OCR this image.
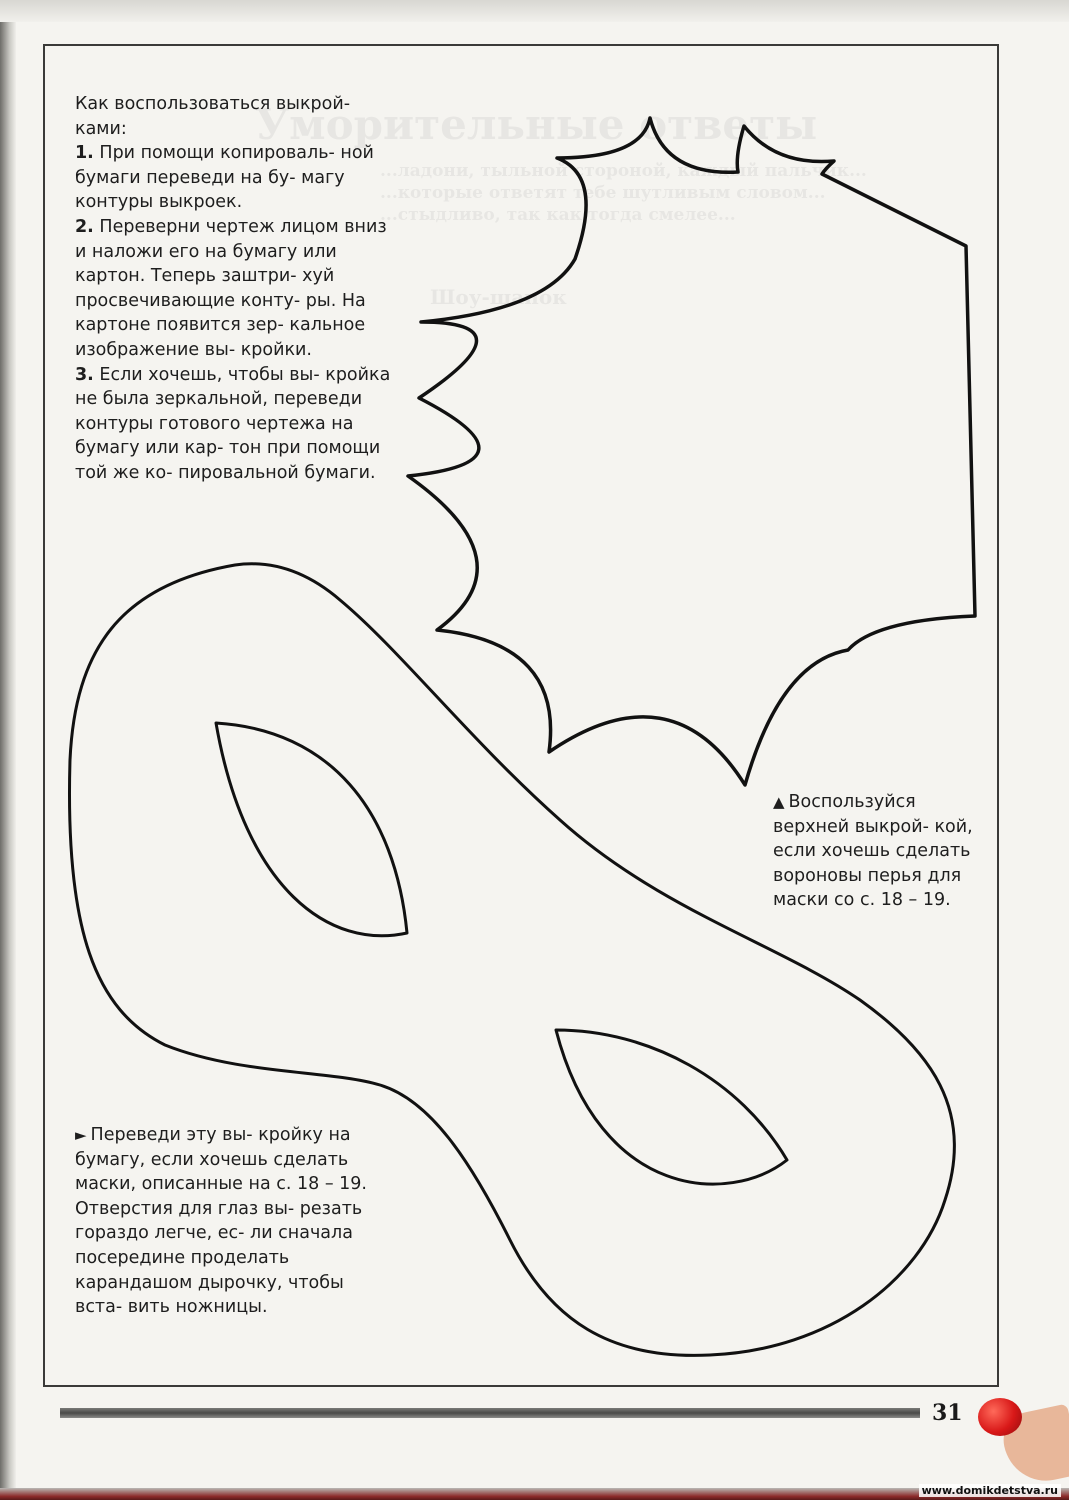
Уморительные ответы
...ладони, тыльной стороной, каждый пальчик...
...которые ответят тебе шутливым словом...
...стыдливо, так как тогда смелее...
Шоу-шапок

Как воспользоваться выкрой- ками:

1. При помощи копироваль- ной бумаги переведи на бу- магу контуры выкроек.

2. Переверни чертеж лицом вниз и наложи его на бумагу или картон. Теперь заштри- хуй просвечивающие конту- ры. На картоне появится зер- кальное изображение вы- кройки.

3. Если хочешь, чтобы вы- кройка не была зеркальной, переведи контуры готового чертежа на бумагу или кар- тон при помощи той же ко- пировальной бумаги.

▲ Воспользуйся верхней выкрой- кой, если хочешь сделать вороновы перья для маски со с. 18 – 19.
► Переведи эту вы- кройку на бумагу, если хочешь сделать маски, описанные на с. 18 – 19. Отверстия для глаз вы- резать гораздо легче, ес- ли сначала посередине проделать карандашом дырочку, чтобы вста- вить ножницы.
31
www.domikdetstva.ru
